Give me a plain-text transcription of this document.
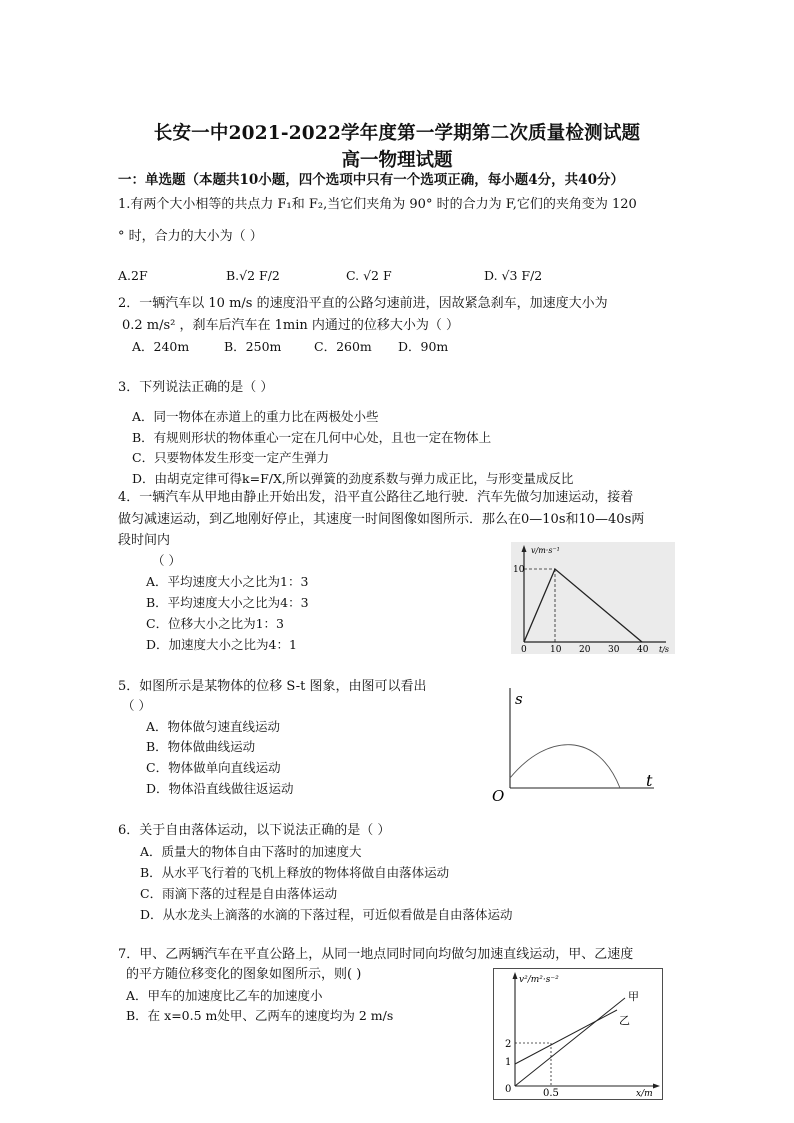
长安一中2021-2022学年度第一学期第二次质量检测试题
高一物理试题
一：单选题（本题共10小题，四个选项中只有一个选项正确，每小题4分，共40分）
1.有两个大小相等的共点力 F₁和 F₂,当它们夹角为 90° 时的合力为 F,它们的夹角变为 120
° 时，合力的大小为（ ）
A.2F	B.√2 F/2	C. √2 F	D. √3 F/2
2．一辆汽车以 10 m/s 的速度沿平直的公路匀速前进，因故紧急刹车，加速度大小为
0.2 m/s² ，刹车后汽车在 1min 内通过的位移大小为（ ）
A．240m	B．250m	C．260m D．90m
3．下列说法正确的是（ ）
A．同一物体在赤道上的重力比在两极处小些
B．有规则形状的物体重心一定在几何中心处，且也一定在物体上
C．只要物体发生形变一定产生弹力
D．由胡克定律可得k=F/X,所以弹簧的劲度系数与弹力成正比，与形变量成反比
4．一辆汽车从甲地由静止开始出发，沿平直公路往乙地行驶．汽车先做匀加速运动，接着
做匀减速运动，到乙地刚好停止，其速度一时间图像如图所示．那么在0—10s和10—40s两
段时间内
（ ）
A．平均速度大小之比为1：3
B．平均速度大小之比为4：3
C．位移大小之比为1：3
D．加速度大小之比为4：1
v/m·s⁻¹
10
0	10 20 30 40 t/s
5．如图所示是某物体的位移 S-t 图象，由图可以看出
（ ）
A．物体做匀速直线运动
B．物体做曲线运动
C．物体做单向直线运动
D．物体沿直线做往返运动
s
t
O
6．关于自由落体运动，以下说法正确的是（ ）
A．质量大的物体自由下落时的加速度大
B．从水平飞行着的飞机上释放的物体将做自由落体运动
C．雨滴下落的过程是自由落体运动
D．从水龙头上滴落的水滴的下落过程，可近似看做是自由落体运动
7．甲、乙两辆汽车在平直公路上，从同一地点同时同向均做匀加速直线运动，甲、乙速度
的平方随位移变化的图象如图所示，则( )
A．甲车的加速度比乙车的加速度小
B．在 x=0.5 m处甲、乙两车的速度均为 2 m/s
v²/m²·s⁻²
2
1
0	0.5	x/m
甲
乙
